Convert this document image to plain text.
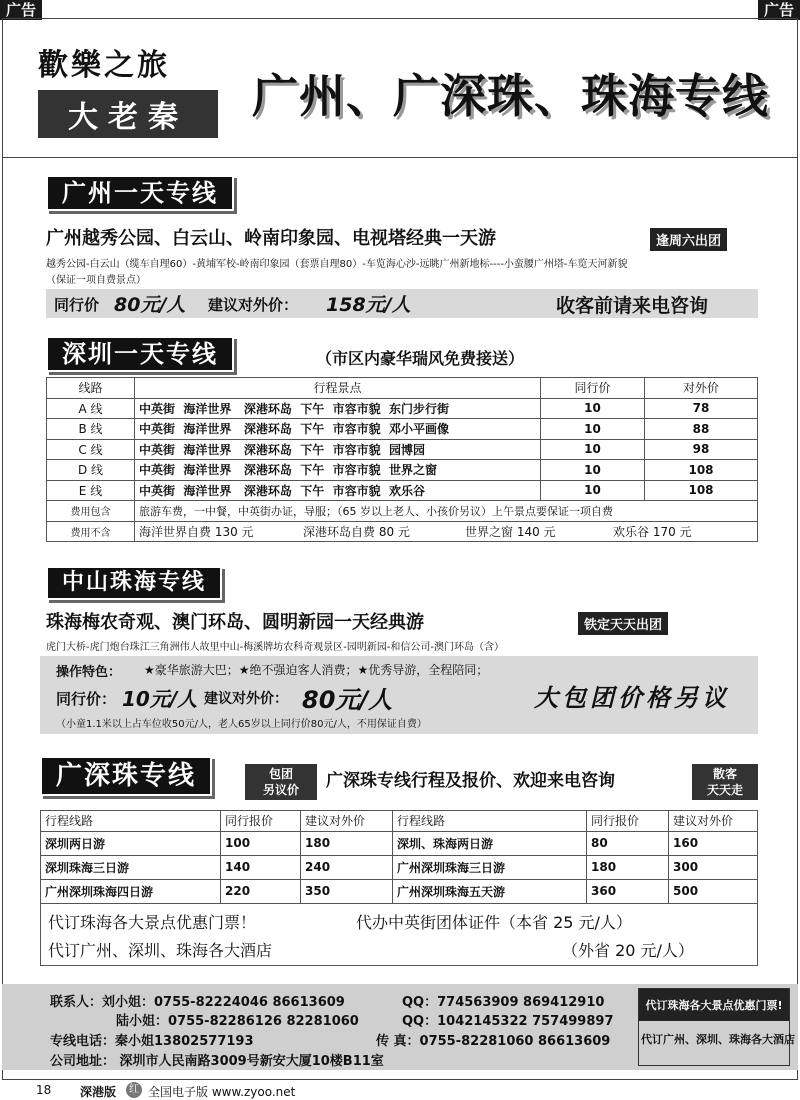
广告	广告
歡樂之旅
大老秦	广州、广深珠、珠海专线
广州一天专线
广州越秀公园、白云山、岭南印象园、电视塔经典一天游	逢周六出团
越秀公园-白云山（缆车自理60）-黄埔军校-岭南印象园（套票自理80）-车览海心沙-远眺广州新地标----小蛮腰广州塔-车览天河新貌
（保证一项自费景点）
同行价 80元/人 建议对外价： 158元/人	收客前请来电咨询
深圳一天专线	（市区内豪华瑞风免费接送）
线路	行程景点	同行价	对外价
A 线	中英街  海洋世界   深港环岛  下午  市容市貌  东门步行街	10	78
B 线	中英街  海洋世界   深港环岛  下午  市容市貌  邓小平画像	10	88
C 线	中英街  海洋世界   深港环岛  下午  市容市貌  园博园	10	98
D 线	中英街  海洋世界   深港环岛  下午  市容市貌  世界之窗	10	108
E 线	中英街  海洋世界   深港环岛  下午  市容市貌  欢乐谷	10	108
费用包含	旅游车费，一中餐，中英街办证，导服；（65 岁以上老人、小孩价另议）上午景点要保证一项自费		
费用不含	海洋世界自费 130 元 深港环岛自费 80 元 世界之窗 140 元 欢乐谷 170 元		
中山珠海专线
珠海梅农奇观、澳门环岛、圆明新园一天经典游	铁定天天出团
虎门大桥-虎门炮台珠江三角洲伟人故里中山-梅溪牌坊农科奇观景区-园明新园-和信公司-澳门环岛（含）
操作特色： ★豪华旅游大巴；★绝不强迫客人消费；★优秀导游，全程陪同；
同行价： 10元/人 建议对外价： 80元/人	大包团价格另议
（小童1.1米以上占车位收50元/人，老人65岁以上同行价80元/人，不用保证自费）
广深珠专线	包团
另议价	广深珠专线行程及报价、欢迎来电咨询	散客
天天走
行程线路	同行报价	建议对外价	行程线路	同行报价	建议对外价
深圳两日游	100	180	深圳、珠海两日游	80	160
深圳珠海三日游	140	240	广州深圳珠海三日游	180	300
广州深圳珠海四日游	220	350	广州深圳珠海五天游	360	500
代订珠海各大景点优惠门票！	代办中英街团体证件（本省 25 元/人）
代订广州、深圳、珠海各大酒店	（外省 20 元/人）
联系人：刘小姐：0755-82224046 86613609	QQ：774563909 869412910
陆小姐：0755-82286126 82281060	QQ：1042145322 757499897
专线电话：秦小姐13802577193	传 真：0755-82281060 86613609
公司地址： 深圳市人民南路3009号新安大厦10楼B11室
代订珠海各大景点优惠门票!
代订广州、深圳、珠海各大酒店
18 深港版	红 全国电子版 www.zyoo.net
